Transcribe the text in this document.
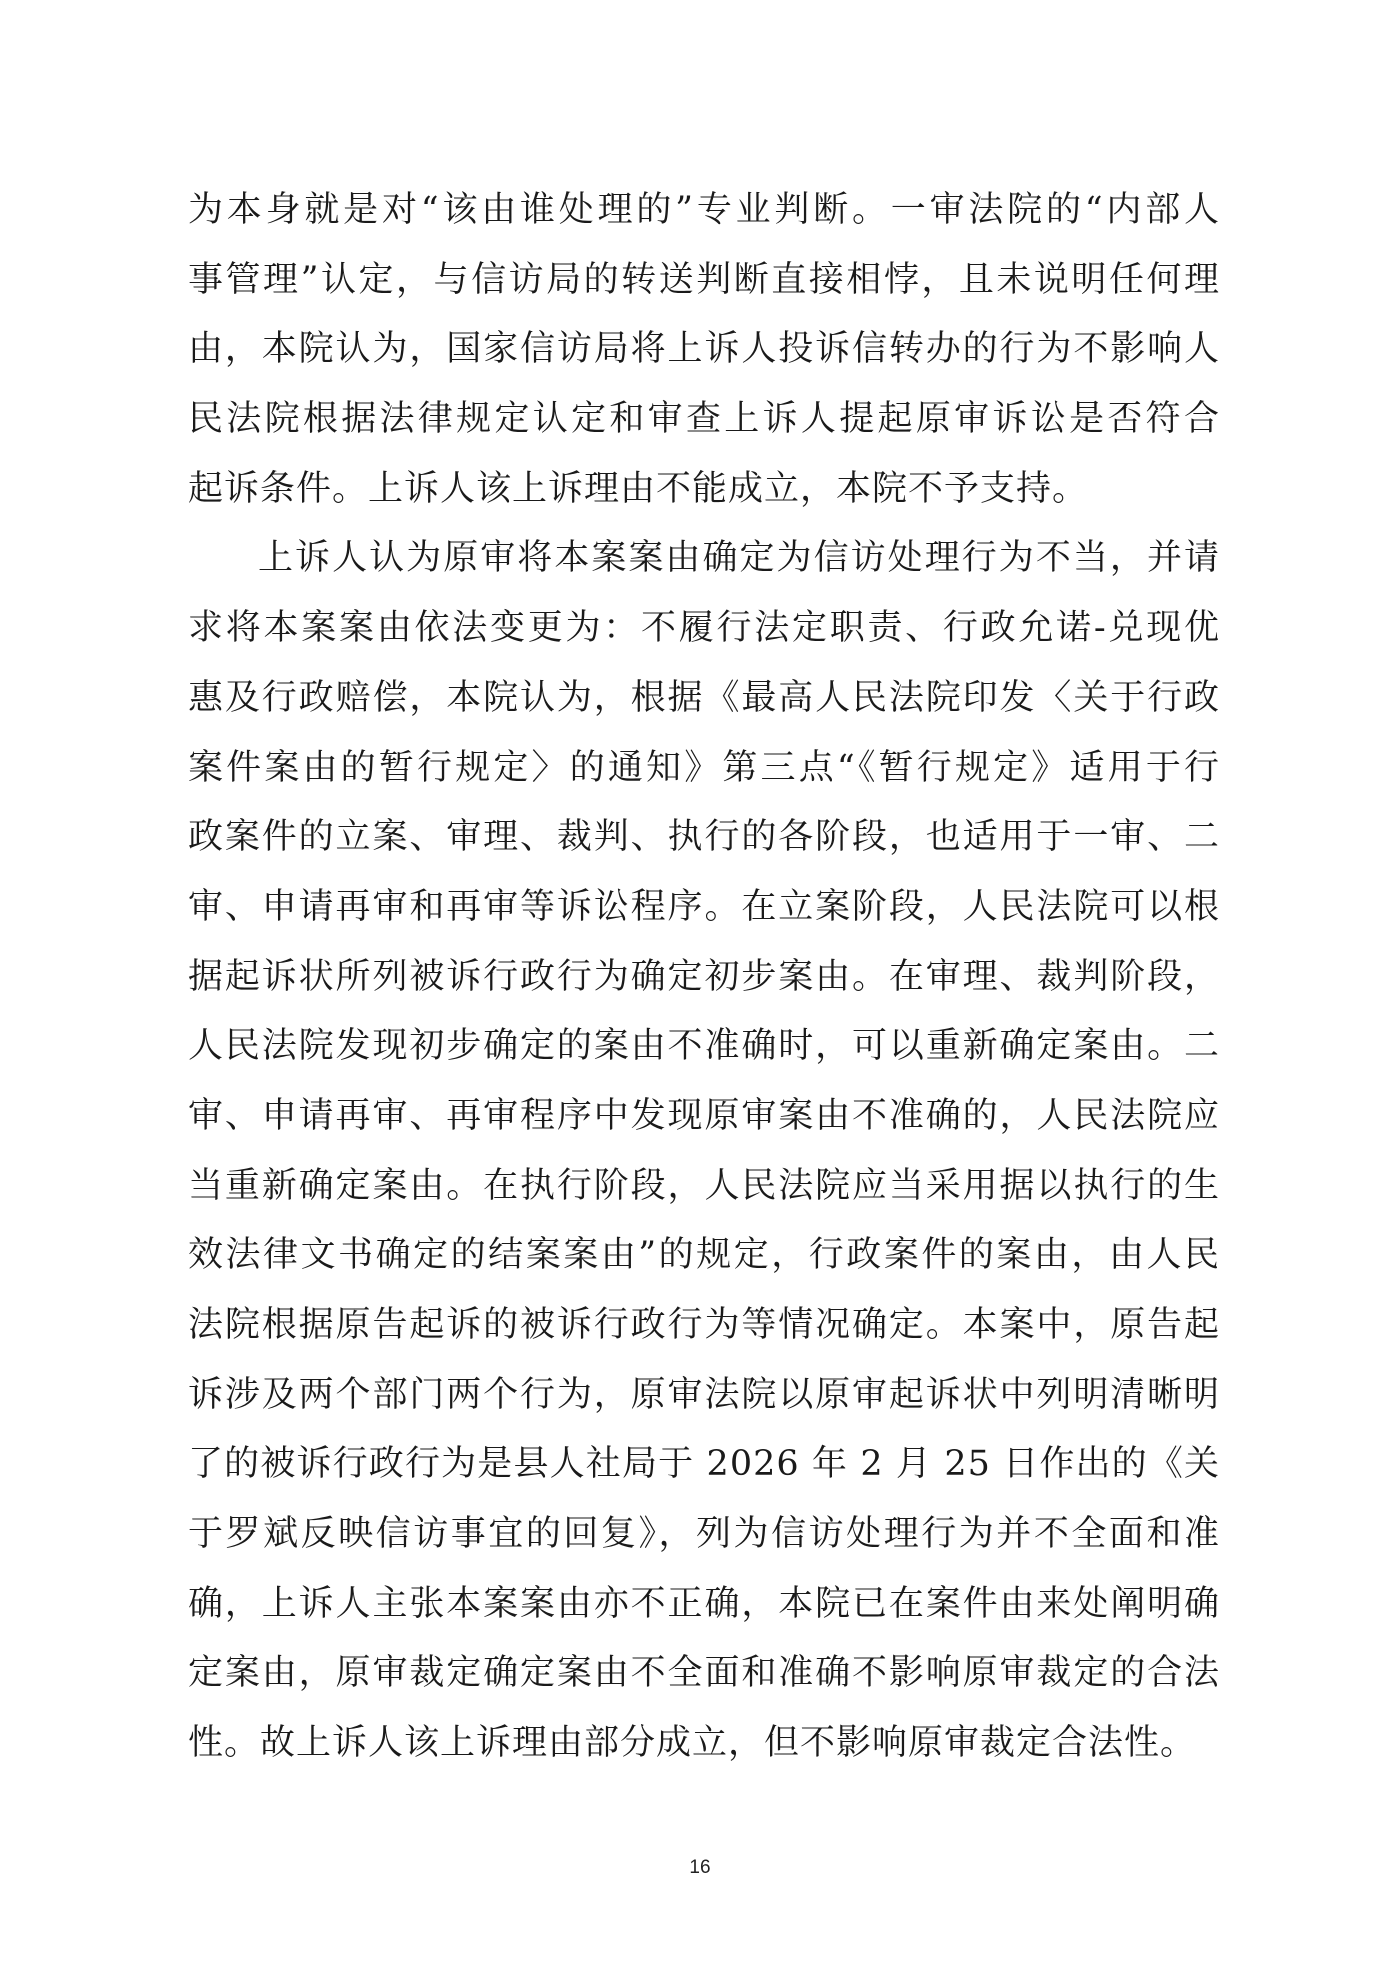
为本身就是对“该由谁处理的”专业判断。一审法院的“内部人
事管理”认定，与信访局的转送判断直接相悖，且未说明任何理
由，本院认为，国家信访局将上诉人投诉信转办的行为不影响人
民法院根据法律规定认定和审查上诉人提起原审诉讼是否符合
起诉条件。上诉人该上诉理由不能成立，本院不予支持。
上诉人认为原审将本案案由确定为信访处理行为不当，并请
求将本案案由依法变更为：不履行法定职责、行政允诺-兑现优
惠及行政赔偿，本院认为，根据《最高人民法院印发〈关于行政
案件案由的暂行规定〉的通知》第三点“《暂行规定》适用于行
政案件的立案、审理、裁判、执行的各阶段，也适用于一审、二
审、申请再审和再审等诉讼程序。在立案阶段，人民法院可以根
据起诉状所列被诉行政行为确定初步案由。在审理、裁判阶段，
人民法院发现初步确定的案由不准确时，可以重新确定案由。二
审、申请再审、再审程序中发现原审案由不准确的，人民法院应
当重新确定案由。在执行阶段，人民法院应当采用据以执行的生
效法律文书确定的结案案由”的规定，行政案件的案由，由人民
法院根据原告起诉的被诉行政行为等情况确定。本案中，原告起
诉涉及两个部门两个行为，原审法院以原审起诉状中列明清晰明
了的被诉行政行为是县人社局于 2026 年 2 月 25 日作出的《关
于罗斌反映信访事宜的回复》，列为信访处理行为并不全面和准
确，上诉人主张本案案由亦不正确，本院已在案件由来处阐明确
定案由，原审裁定确定案由不全面和准确不影响原审裁定的合法
性。故上诉人该上诉理由部分成立，但不影响原审裁定合法性。
16
